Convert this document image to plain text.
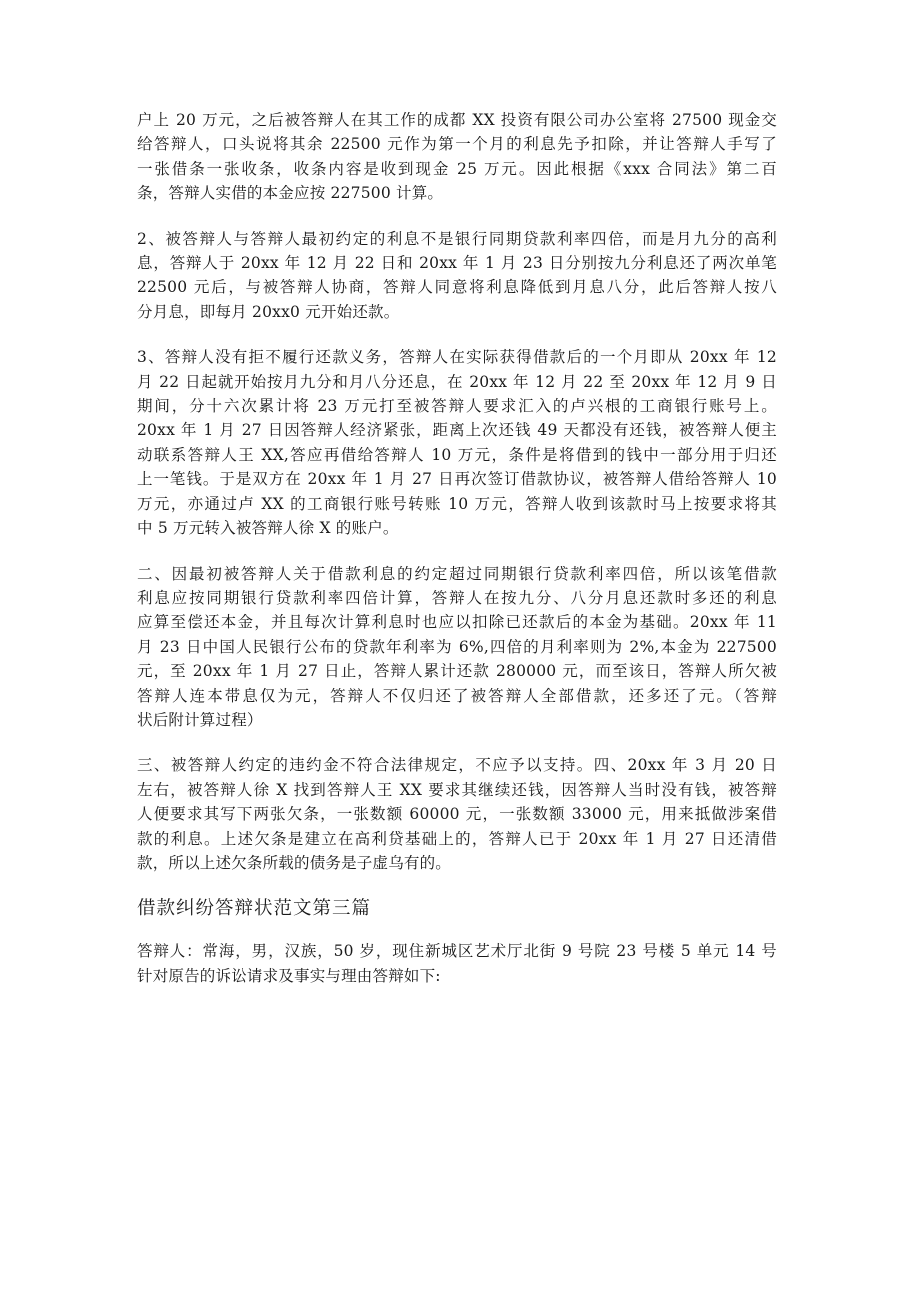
户上 20 万元，之后被答辩人在其工作的成都 XX 投资有限公司办公室将 27500 现金交
给答辩人，口头说将其余 22500 元作为第一个月的利息先予扣除，并让答辩人手写了
一张借条一张收条，收条内容是收到现金 25 万元。因此根据《xxx 合同法》第二百
条，答辩人实借的本金应按 227500 计算。
2、被答辩人与答辩人最初约定的利息不是银行同期贷款利率四倍，而是月九分的高利
息，答辩人于 20xx 年 12 月 22 日和 20xx 年 1 月 23 日分别按九分利息还了两次单笔
22500 元后，与被答辩人协商，答辩人同意将利息降低到月息八分，此后答辩人按八
分月息，即每月 20xx0 元开始还款。
3、答辩人没有拒不履行还款义务，答辩人在实际获得借款后的一个月即从 20xx 年 12
月 22 日起就开始按月九分和月八分还息，在 20xx 年 12 月 22 至 20xx 年 12 月 9 日
期间，分十六次累计将 23 万元打至被答辩人要求汇入的卢兴根的工商银行账号上。
20xx 年 1 月 27 日因答辩人经济紧张，距离上次还钱 49 天都没有还钱，被答辩人便主
动联系答辩人王 XX,答应再借给答辩人 10 万元，条件是将借到的钱中一部分用于归还
上一笔钱。于是双方在 20xx 年 1 月 27 日再次签订借款协议，被答辩人借给答辩人 10
万元，亦通过卢 XX 的工商银行账号转账 10 万元，答辩人收到该款时马上按要求将其
中 5 万元转入被答辩人徐 X 的账户。
二、因最初被答辩人关于借款利息的约定超过同期银行贷款利率四倍，所以该笔借款
利息应按同期银行贷款利率四倍计算，答辩人在按九分、八分月息还款时多还的利息
应算至偿还本金，并且每次计算利息时也应以扣除已还款后的本金为基础。20xx 年 11
月 23 日中国人民银行公布的贷款年利率为 6%,四倍的月利率则为 2%,本金为 227500
元，至 20xx 年 1 月 27 日止，答辩人累计还款 280000 元，而至该日，答辩人所欠被
答辩人连本带息仅为元，答辩人不仅归还了被答辩人全部借款，还多还了元。（答辩
状后附计算过程）
三、被答辩人约定的违约金不符合法律规定，不应予以支持。四、20xx 年 3 月 20 日
左右，被答辩人徐 X 找到答辩人王 XX 要求其继续还钱，因答辩人当时没有钱，被答辩
人便要求其写下两张欠条，一张数额 60000 元，一张数额 33000 元，用来抵做涉案借
款的利息。上述欠条是建立在高利贷基础上的，答辩人已于 20xx 年 1 月 27 日还清借
款，所以上述欠条所载的债务是子虚乌有的。
借款纠纷答辩状范文第三篇
答辩人：常海，男，汉族，50 岁，现住新城区艺术厅北街 9 号院 23 号楼 5 单元 14 号
针对原告的诉讼请求及事实与理由答辩如下:
